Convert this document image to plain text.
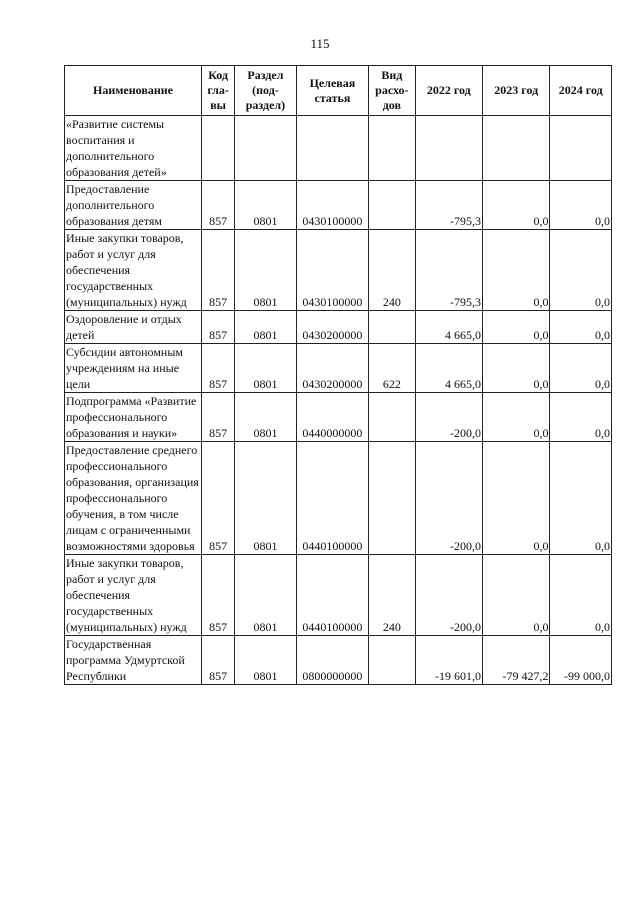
115
Наименование	Код гла-вы	Раздел (под-раздел)	Целевая статья	Вид расхо-дов	2022 год	2023 год	2024 год
«Развитие системы воспитания и дополнительного образования детей»							
Предоставление дополнительного образования детям	857	0801	0430100000		-795,3	0,0	0,0
Иные закупки товаров, работ и услуг для обеспечения государственных (муниципальных) нужд	857	0801	0430100000	240	-795,3	0,0	0,0
Оздоровление и отдых детей	857	0801	0430200000		4 665,0	0,0	0,0
Субсидии автономным учреждениям на иные цели	857	0801	0430200000	622	4 665,0	0,0	0,0
Подпрограмма «Развитие профессионального образования и науки»	857	0801	0440000000		-200,0	0,0	0,0
Предоставление среднего профессионального образования, организация профессионального обучения, в том числе лицам с ограниченными возможностями здоровья	857	0801	0440100000		-200,0	0,0	0,0
Иные закупки товаров, работ и услуг для обеспечения государственных (муниципальных) нужд	857	0801	0440100000	240	-200,0	0,0	0,0
Государственная программа Удмуртской Республики	857	0801	0800000000		-19 601,0	-79 427,2	-99 000,0
